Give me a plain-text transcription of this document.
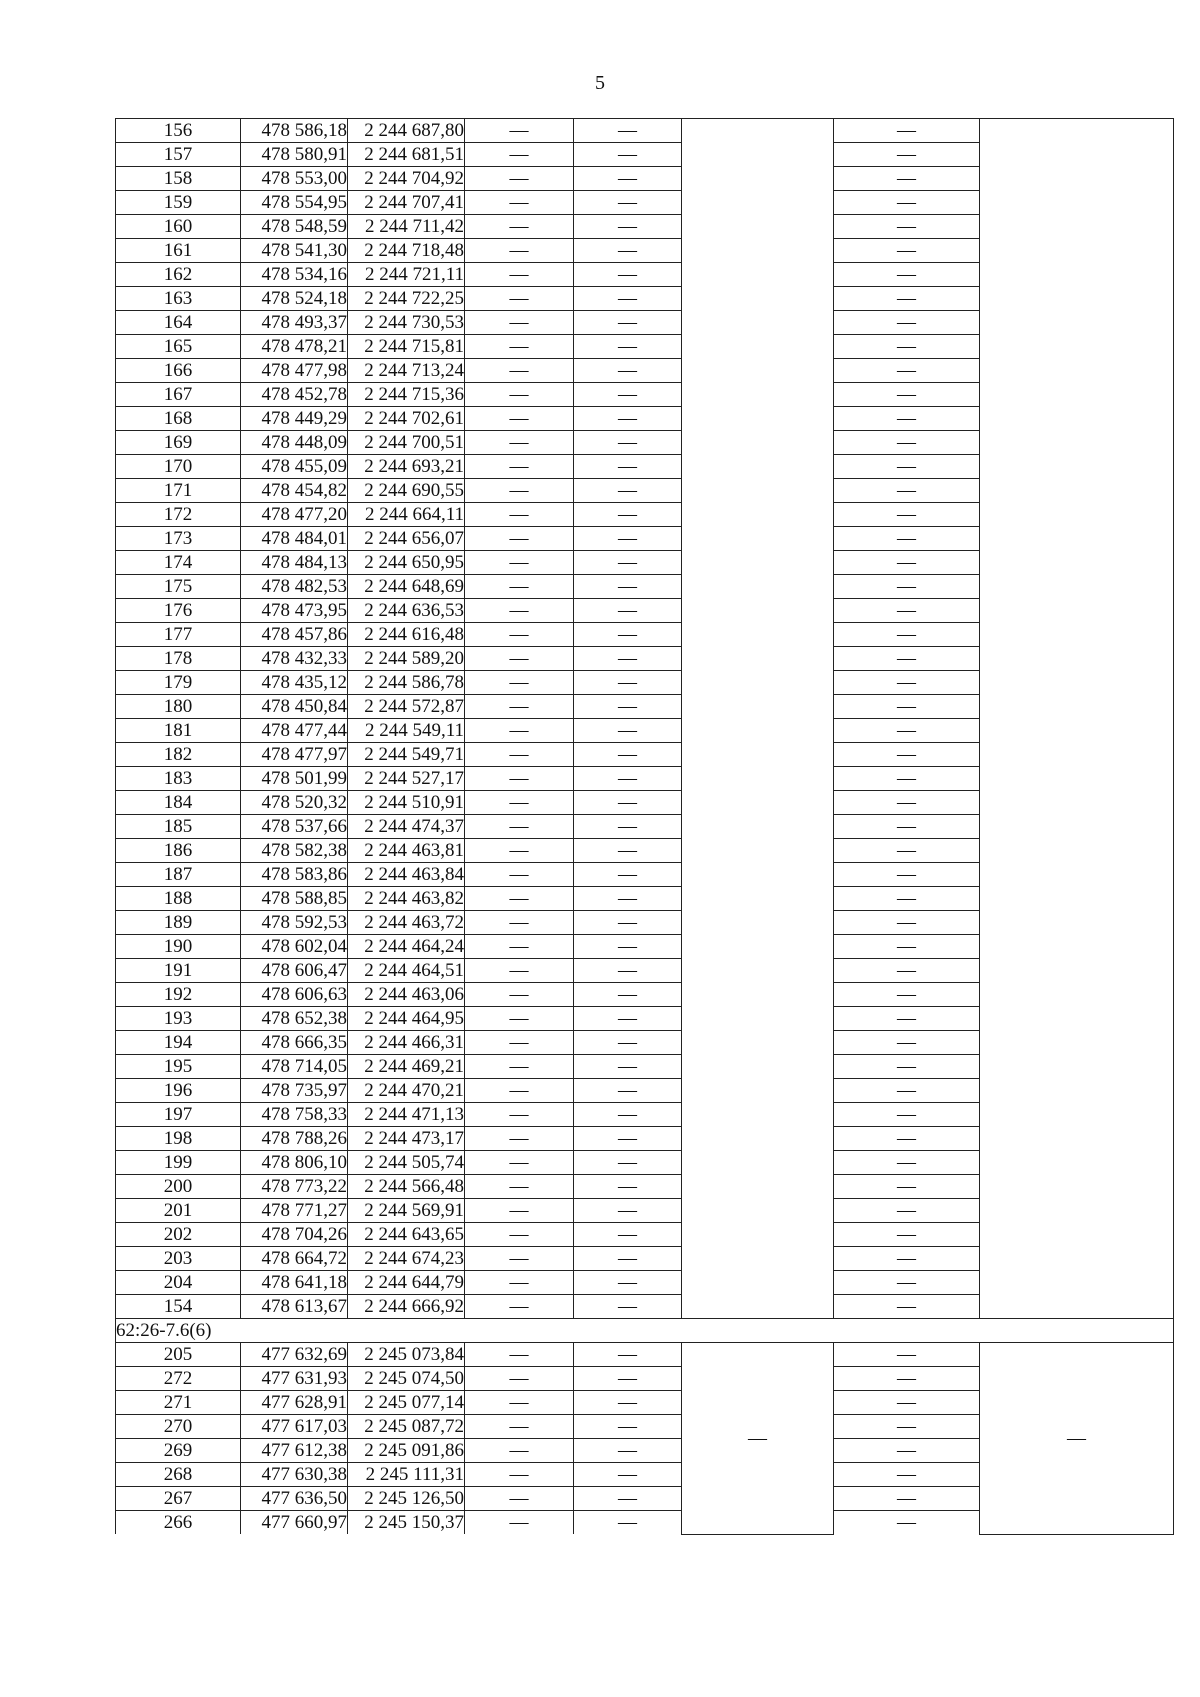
5
156	478 586,18	2 244 687,80	—	—		—	
157	478 580,91	2 244 681,51	—	—		—	
158	478 553,00	2 244 704,92	—	—		—	
159	478 554,95	2 244 707,41	—	—		—	
160	478 548,59	2 244 711,42	—	—		—	
161	478 541,30	2 244 718,48	—	—		—	
162	478 534,16	2 244 721,11	—	—		—	
163	478 524,18	2 244 722,25	—	—		—	
164	478 493,37	2 244 730,53	—	—		—	
165	478 478,21	2 244 715,81	—	—		—	
166	478 477,98	2 244 713,24	—	—		—	
167	478 452,78	2 244 715,36	—	—		—	
168	478 449,29	2 244 702,61	—	—		—	
169	478 448,09	2 244 700,51	—	—		—	
170	478 455,09	2 244 693,21	—	—		—	
171	478 454,82	2 244 690,55	—	—		—	
172	478 477,20	2 244 664,11	—	—		—	
173	478 484,01	2 244 656,07	—	—		—	
174	478 484,13	2 244 650,95	—	—		—	
175	478 482,53	2 244 648,69	—	—		—	
176	478 473,95	2 244 636,53	—	—		—	
177	478 457,86	2 244 616,48	—	—		—	
178	478 432,33	2 244 589,20	—	—		—	
179	478 435,12	2 244 586,78	—	—		—	
180	478 450,84	2 244 572,87	—	—		—	
181	478 477,44	2 244 549,11	—	—		—	
182	478 477,97	2 244 549,71	—	—		—	
183	478 501,99	2 244 527,17	—	—		—	
184	478 520,32	2 244 510,91	—	—		—	
185	478 537,66	2 244 474,37	—	—		—	
186	478 582,38	2 244 463,81	—	—		—	
187	478 583,86	2 244 463,84	—	—		—	
188	478 588,85	2 244 463,82	—	—		—	
189	478 592,53	2 244 463,72	—	—		—	
190	478 602,04	2 244 464,24	—	—		—	
191	478 606,47	2 244 464,51	—	—		—	
192	478 606,63	2 244 463,06	—	—		—	
193	478 652,38	2 244 464,95	—	—		—	
194	478 666,35	2 244 466,31	—	—		—	
195	478 714,05	2 244 469,21	—	—		—	
196	478 735,97	2 244 470,21	—	—		—	
197	478 758,33	2 244 471,13	—	—		—	
198	478 788,26	2 244 473,17	—	—		—	
199	478 806,10	2 244 505,74	—	—		—	
200	478 773,22	2 244 566,48	—	—		—	
201	478 771,27	2 244 569,91	—	—		—	
202	478 704,26	2 244 643,65	—	—		—	
203	478 664,72	2 244 674,23	—	—		—	
204	478 641,18	2 244 644,79	—	—		—	
154	478 613,67	2 244 666,92	—	—		—	
62:26-7.6(6)							
205	477 632,69	2 245 073,84	—	—	—	—	—
272	477 631,93	2 245 074,50	—	—		—	
271	477 628,91	2 245 077,14	—	—		—	
270	477 617,03	2 245 087,72	—	—		—	
269	477 612,38	2 245 091,86	—	—		—	
268	477 630,38	2 245 111,31	—	—		—	
267	477 636,50	2 245 126,50	—	—		—	
266	477 660,97	2 245 150,37	—	—		—	
